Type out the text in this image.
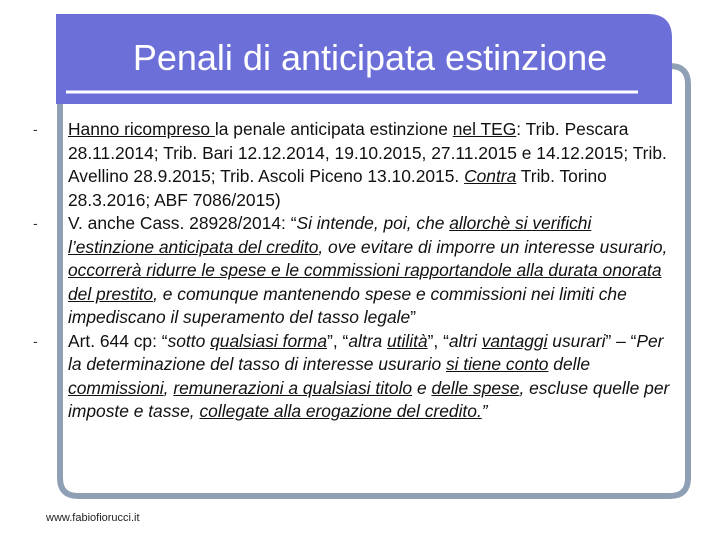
Penali di anticipata estinzione
- Hanno ricompreso la penale anticipata estinzione nel TEG: Trib. Pescara 28.11.2014; Trib. Bari 12.12.2014, 19.10.2015, 27.11.2015 e 14.12.2015; Trib. Avellino 28.9.2015; Trib. Ascoli Piceno 13.10.2015. Contra Trib. Torino 28.3.2016; ABF 7086/2015)
- V. anche Cass. 28928/2014: “Si intende, poi, che allorchè si verifichi l’estinzione anticipata del credito, ove evitare di imporre un interesse usurario, occorrerà ridurre le spese e le commissioni rapportandole alla durata onorata del prestito, e comunque mantenendo spese e commissioni nei limiti che impediscano il superamento del tasso legale”
- Art. 644 cp: “sotto qualsiasi forma”, “altra utilità”, “altri vantaggi usurari” – “Per la determinazione del tasso di interesse usurario si tiene conto delle commissioni, remunerazioni a qualsiasi titolo e delle spese, escluse quelle per imposte e tasse, collegate alla erogazione del credito.”
www.fabiofiorucci.it
